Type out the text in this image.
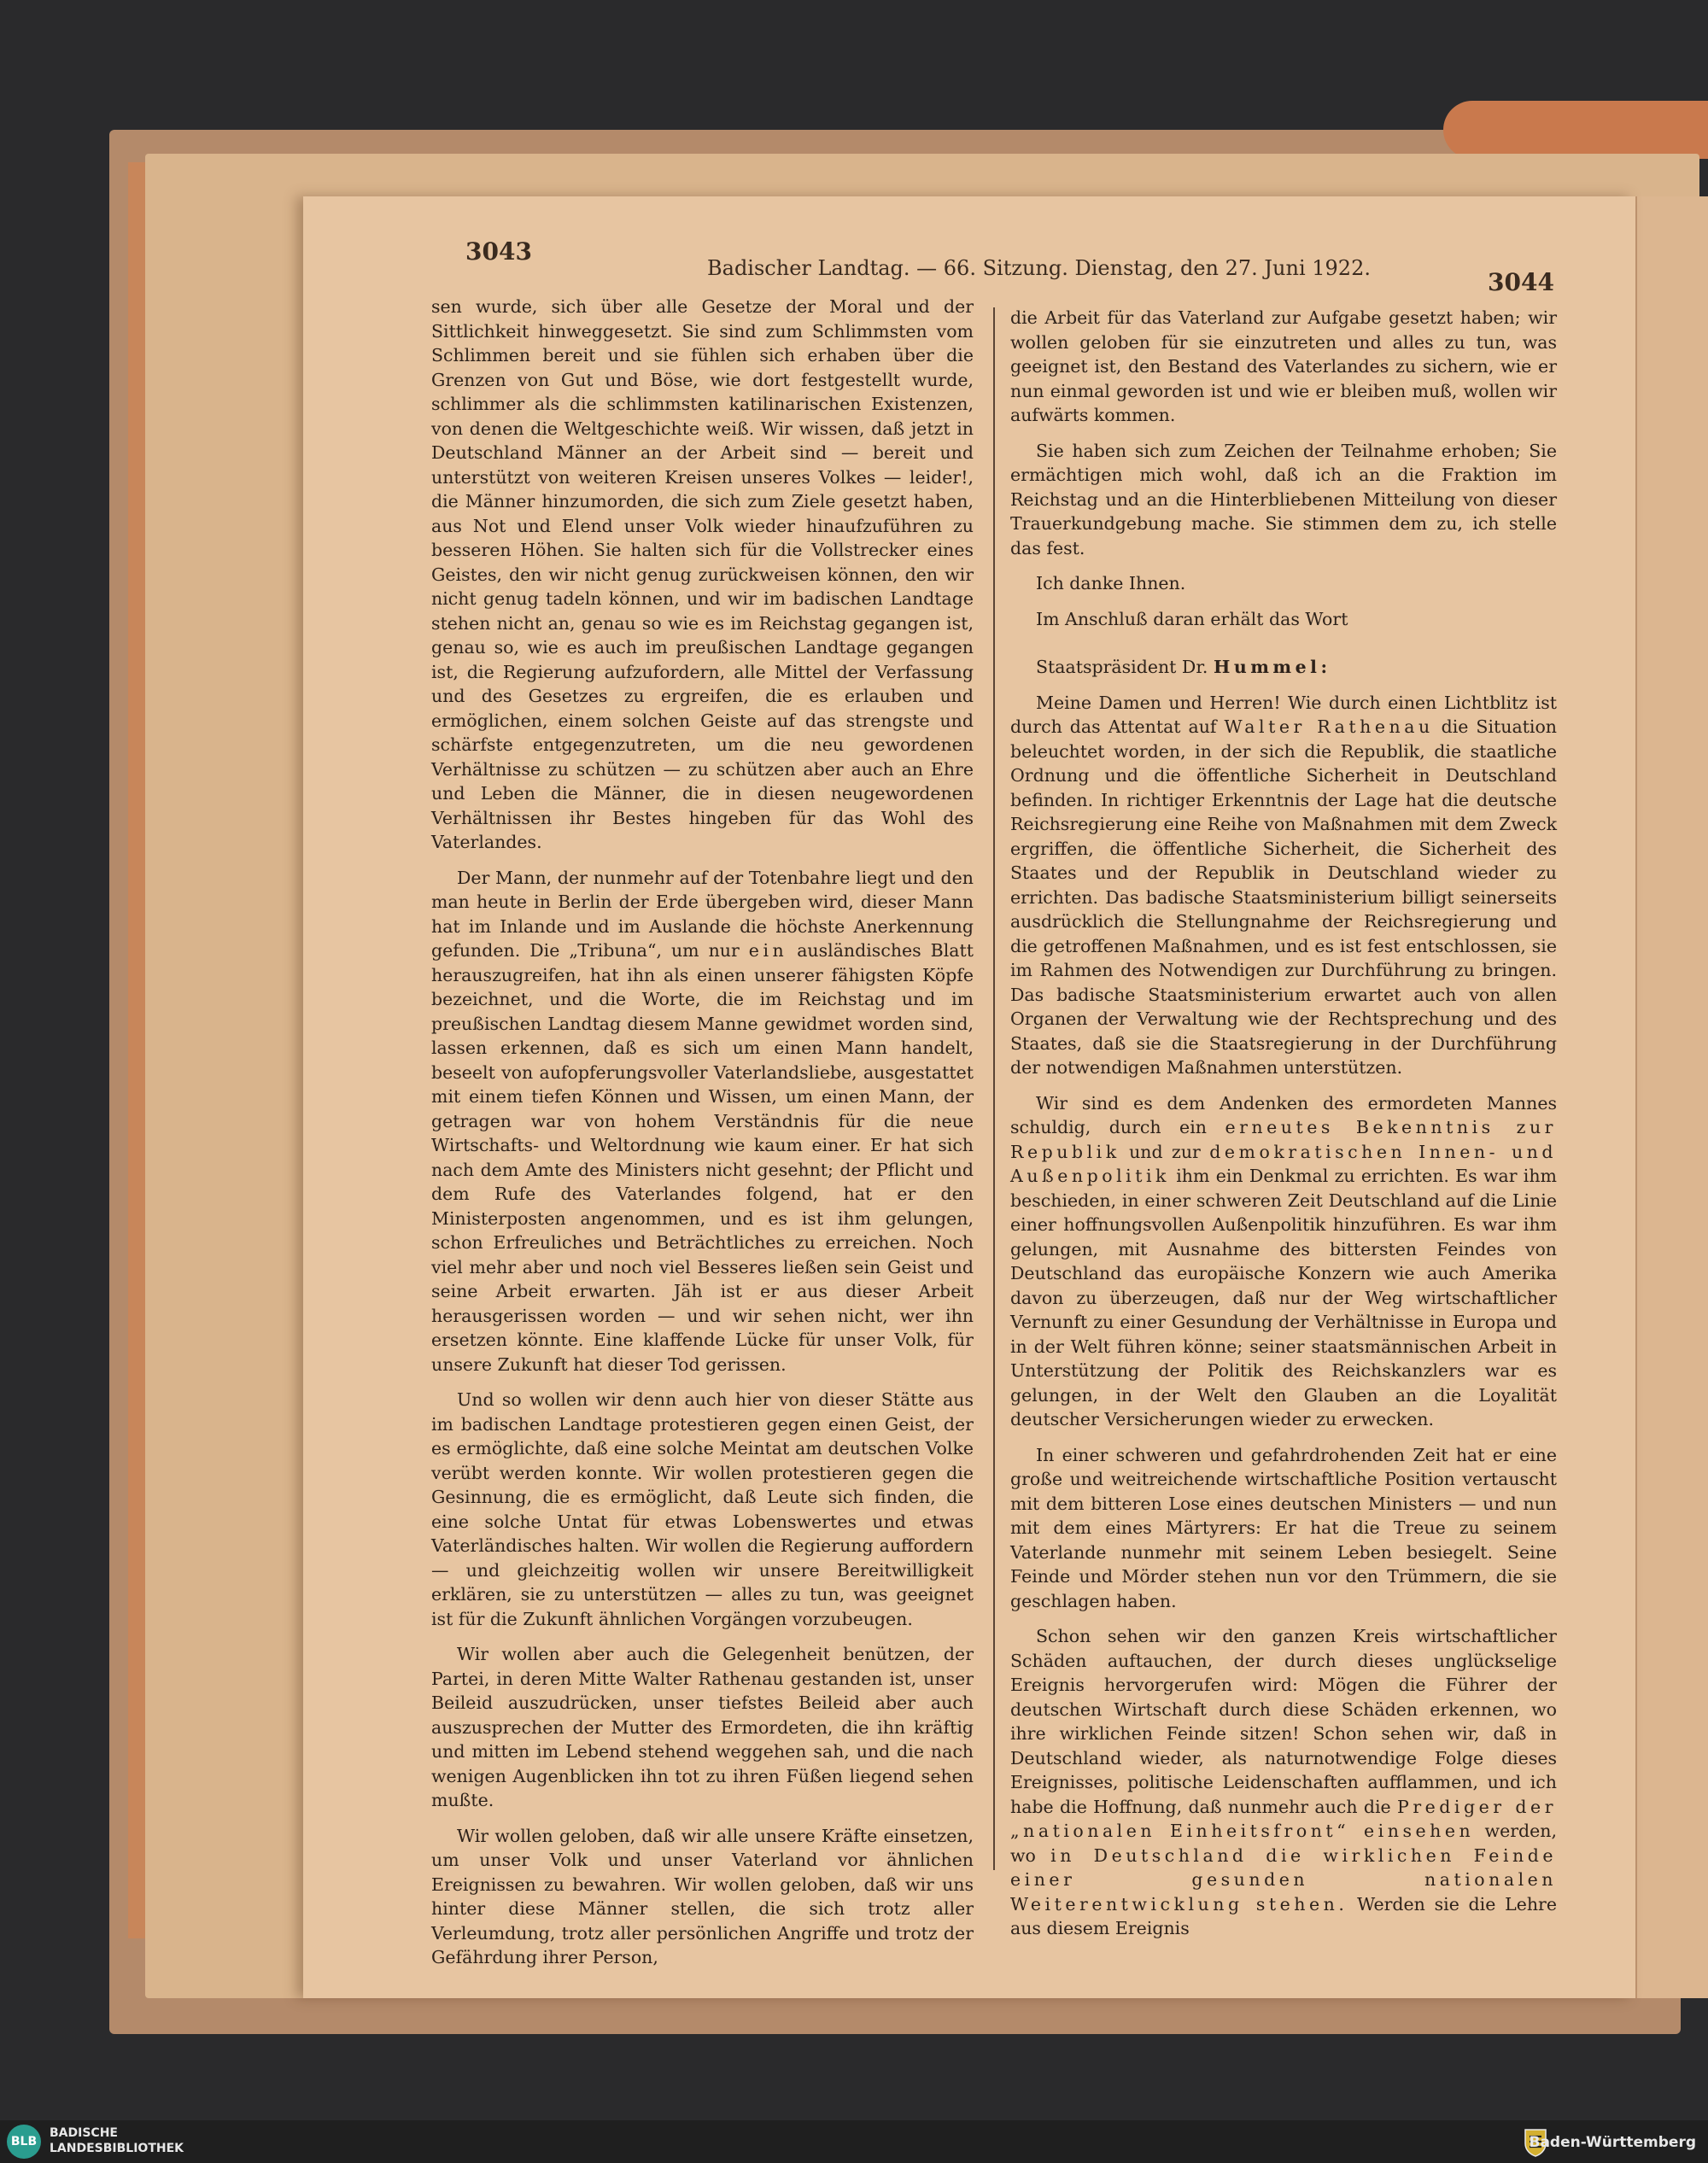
3043
Badischer Landtag. — 66. Sitzung. Dienstag, den 27. Juni 1922.	3044

sen wurde, sich über alle Gesetze der Moral und der Sittlichkeit hinweggesetzt. Sie sind zum Schlimmsten vom Schlimmen bereit und sie fühlen sich erhaben über die Grenzen von Gut und Böse, wie dort festgestellt wurde, schlimmer als die schlimmsten katilinarischen Existenzen, von denen die Weltgeschichte weiß. Wir wissen, daß jetzt in Deutschland Männer an der Arbeit sind — bereit und unterstützt von weiteren Kreisen unseres Volkes — leider!, die Männer hinzumorden, die sich zum Ziele gesetzt haben, aus Not und Elend unser Volk wieder hinaufzuführen zu besseren Höhen. Sie halten sich für die Vollstrecker eines Geistes, den wir nicht genug zurückweisen können, den wir nicht genug tadeln können, und wir im badischen Landtage stehen nicht an, genau so wie es im Reichstag gegangen ist, genau so, wie es auch im preußischen Landtage gegangen ist, die Regierung aufzufordern, alle Mittel der Verfassung und des Gesetzes zu ergreifen, die es erlauben und ermöglichen, einem solchen Geiste auf das strengste und schärfste entgegenzutreten, um die neu gewordenen Verhältnisse zu schützen — zu schützen aber auch an Ehre und Leben die Männer, die in diesen neugewordenen Verhältnissen ihr Bestes hingeben für das Wohl des Vaterlandes.

Der Mann, der nunmehr auf der Totenbahre liegt und den man heute in Berlin der Erde übergeben wird, dieser Mann hat im Inlande und im Auslande die höchste Anerkennung gefunden. Die „Tribuna“, um nur ein ausländisches Blatt herauszugreifen, hat ihn als einen unserer fähigsten Köpfe bezeichnet, und die Worte, die im Reichstag und im preußischen Landtag diesem Manne gewidmet worden sind, lassen erkennen, daß es sich um einen Mann handelt, beseelt von aufopferungsvoller Vaterlandsliebe, ausgestattet mit einem tiefen Können und Wissen, um einen Mann, der getragen war von hohem Verständnis für die neue Wirtschafts- und Weltordnung wie kaum einer. Er hat sich nach dem Amte des Ministers nicht gesehnt; der Pflicht und dem Rufe des Vaterlandes folgend, hat er den Ministerposten angenommen, und es ist ihm gelungen, schon Erfreuliches und Beträchtliches zu erreichen. Noch viel mehr aber und noch viel Besseres ließen sein Geist und seine Arbeit erwarten. Jäh ist er aus dieser Arbeit herausgerissen worden — und wir sehen nicht, wer ihn ersetzen könnte. Eine klaffende Lücke für unser Volk, für unsere Zukunft hat dieser Tod gerissen.

Und so wollen wir denn auch hier von dieser Stätte aus im badischen Landtage protestieren gegen einen Geist, der es ermöglichte, daß eine solche Meintat am deutschen Volke verübt werden konnte. Wir wollen protestieren gegen die Gesinnung, die es ermöglicht, daß Leute sich finden, die eine solche Untat für etwas Lobenswertes und etwas Vaterländisches halten. Wir wollen die Regierung auffordern — und gleichzeitig wollen wir unsere Bereitwilligkeit erklären, sie zu unterstützen — alles zu tun, was geeignet ist für die Zukunft ähnlichen Vorgängen vorzubeugen.

Wir wollen aber auch die Gelegenheit benützen, der Partei, in deren Mitte Walter Rathenau gestanden ist, unser Beileid auszudrücken, unser tiefstes Beileid aber auch auszusprechen der Mutter des Ermordeten, die ihn kräftig und mitten im Lebend stehend weggehen sah, und die nach wenigen Augenblicken ihn tot zu ihren Füßen liegend sehen mußte.

Wir wollen geloben, daß wir alle unsere Kräfte einsetzen, um unser Volk und unser Vaterland vor ähnlichen Ereignissen zu bewahren. Wir wollen geloben, daß wir uns hinter diese Männer stellen, die sich trotz aller Verleumdung, trotz aller persönlichen Angriffe und trotz der Gefährdung ihrer Person,

die Arbeit für das Vaterland zur Aufgabe gesetzt haben; wir wollen geloben für sie einzutreten und alles zu tun, was geeignet ist, den Bestand des Vaterlandes zu sichern, wie er nun einmal geworden ist und wie er bleiben muß, wollen wir aufwärts kommen.

Sie haben sich zum Zeichen der Teilnahme erhoben; Sie ermächtigen mich wohl, daß ich an die Fraktion im Reichstag und an die Hinterbliebenen Mitteilung von dieser Trauerkundgebung mache. Sie stimmen dem zu, ich stelle das fest.

Ich danke Ihnen.

Im Anschluß daran erhält das Wort

Staatspräsident Dr. Hummel:

Meine Damen und Herren! Wie durch einen Lichtblitz ist durch das Attentat auf Walter Rathenau die Situation beleuchtet worden, in der sich die Republik, die staatliche Ordnung und die öffentliche Sicherheit in Deutschland befinden. In richtiger Erkenntnis der Lage hat die deutsche Reichsregierung eine Reihe von Maßnahmen mit dem Zweck ergriffen, die öffentliche Sicherheit, die Sicherheit des Staates und der Republik in Deutschland wieder zu errichten. Das badische Staatsministerium billigt seinerseits ausdrücklich die Stellungnahme der Reichsregierung und die getroffenen Maßnahmen, und es ist fest entschlossen, sie im Rahmen des Notwendigen zur Durchführung zu bringen. Das badische Staatsministerium erwartet auch von allen Organen der Verwaltung wie der Rechtsprechung und des Staates, daß sie die Staatsregierung in der Durchführung der notwendigen Maßnahmen unterstützen.

Wir sind es dem Andenken des ermordeten Mannes schuldig, durch ein erneutes Bekenntnis zur Republik und zur demokratischen Innen- und Außenpolitik ihm ein Denkmal zu errichten. Es war ihm beschieden, in einer schweren Zeit Deutschland auf die Linie einer hoffnungsvollen Außenpolitik hinzuführen. Es war ihm gelungen, mit Ausnahme des bittersten Feindes von Deutschland das europäische Konzern wie auch Amerika davon zu überzeugen, daß nur der Weg wirtschaftlicher Vernunft zu einer Gesundung der Verhältnisse in Europa und in der Welt führen könne; seiner staatsmännischen Arbeit in Unterstützung der Politik des Reichskanzlers war es gelungen, in der Welt den Glauben an die Loyalität deutscher Versicherungen wieder zu erwecken.

In einer schweren und gefahrdrohenden Zeit hat er eine große und weitreichende wirtschaftliche Position vertauscht mit dem bitteren Lose eines deutschen Ministers — und nun mit dem eines Märtyrers: Er hat die Treue zu seinem Vaterlande nunmehr mit seinem Leben besiegelt. Seine Feinde und Mörder stehen nun vor den Trümmern, die sie geschlagen haben.

Schon sehen wir den ganzen Kreis wirtschaftlicher Schäden auftauchen, der durch dieses unglückselige Ereignis hervorgerufen wird: Mögen die Führer der deutschen Wirtschaft durch diese Schäden erkennen, wo ihre wirklichen Feinde sitzen! Schon sehen wir, daß in Deutschland wieder, als naturnotwendige Folge dieses Ereignisses, politische Leidenschaften aufflammen, und ich habe die Hoffnung, daß nunmehr auch die Prediger der „nationalen Einheitsfront“ einsehen werden, wo in Deutschland die wirklichen Feinde einer gesunden nationalen Weiterentwicklung stehen. Werden sie die Lehre aus diesem Ereignis

BLB
BADISCHE
LANDESBIBLIOTHEK	Baden-Württemberg
